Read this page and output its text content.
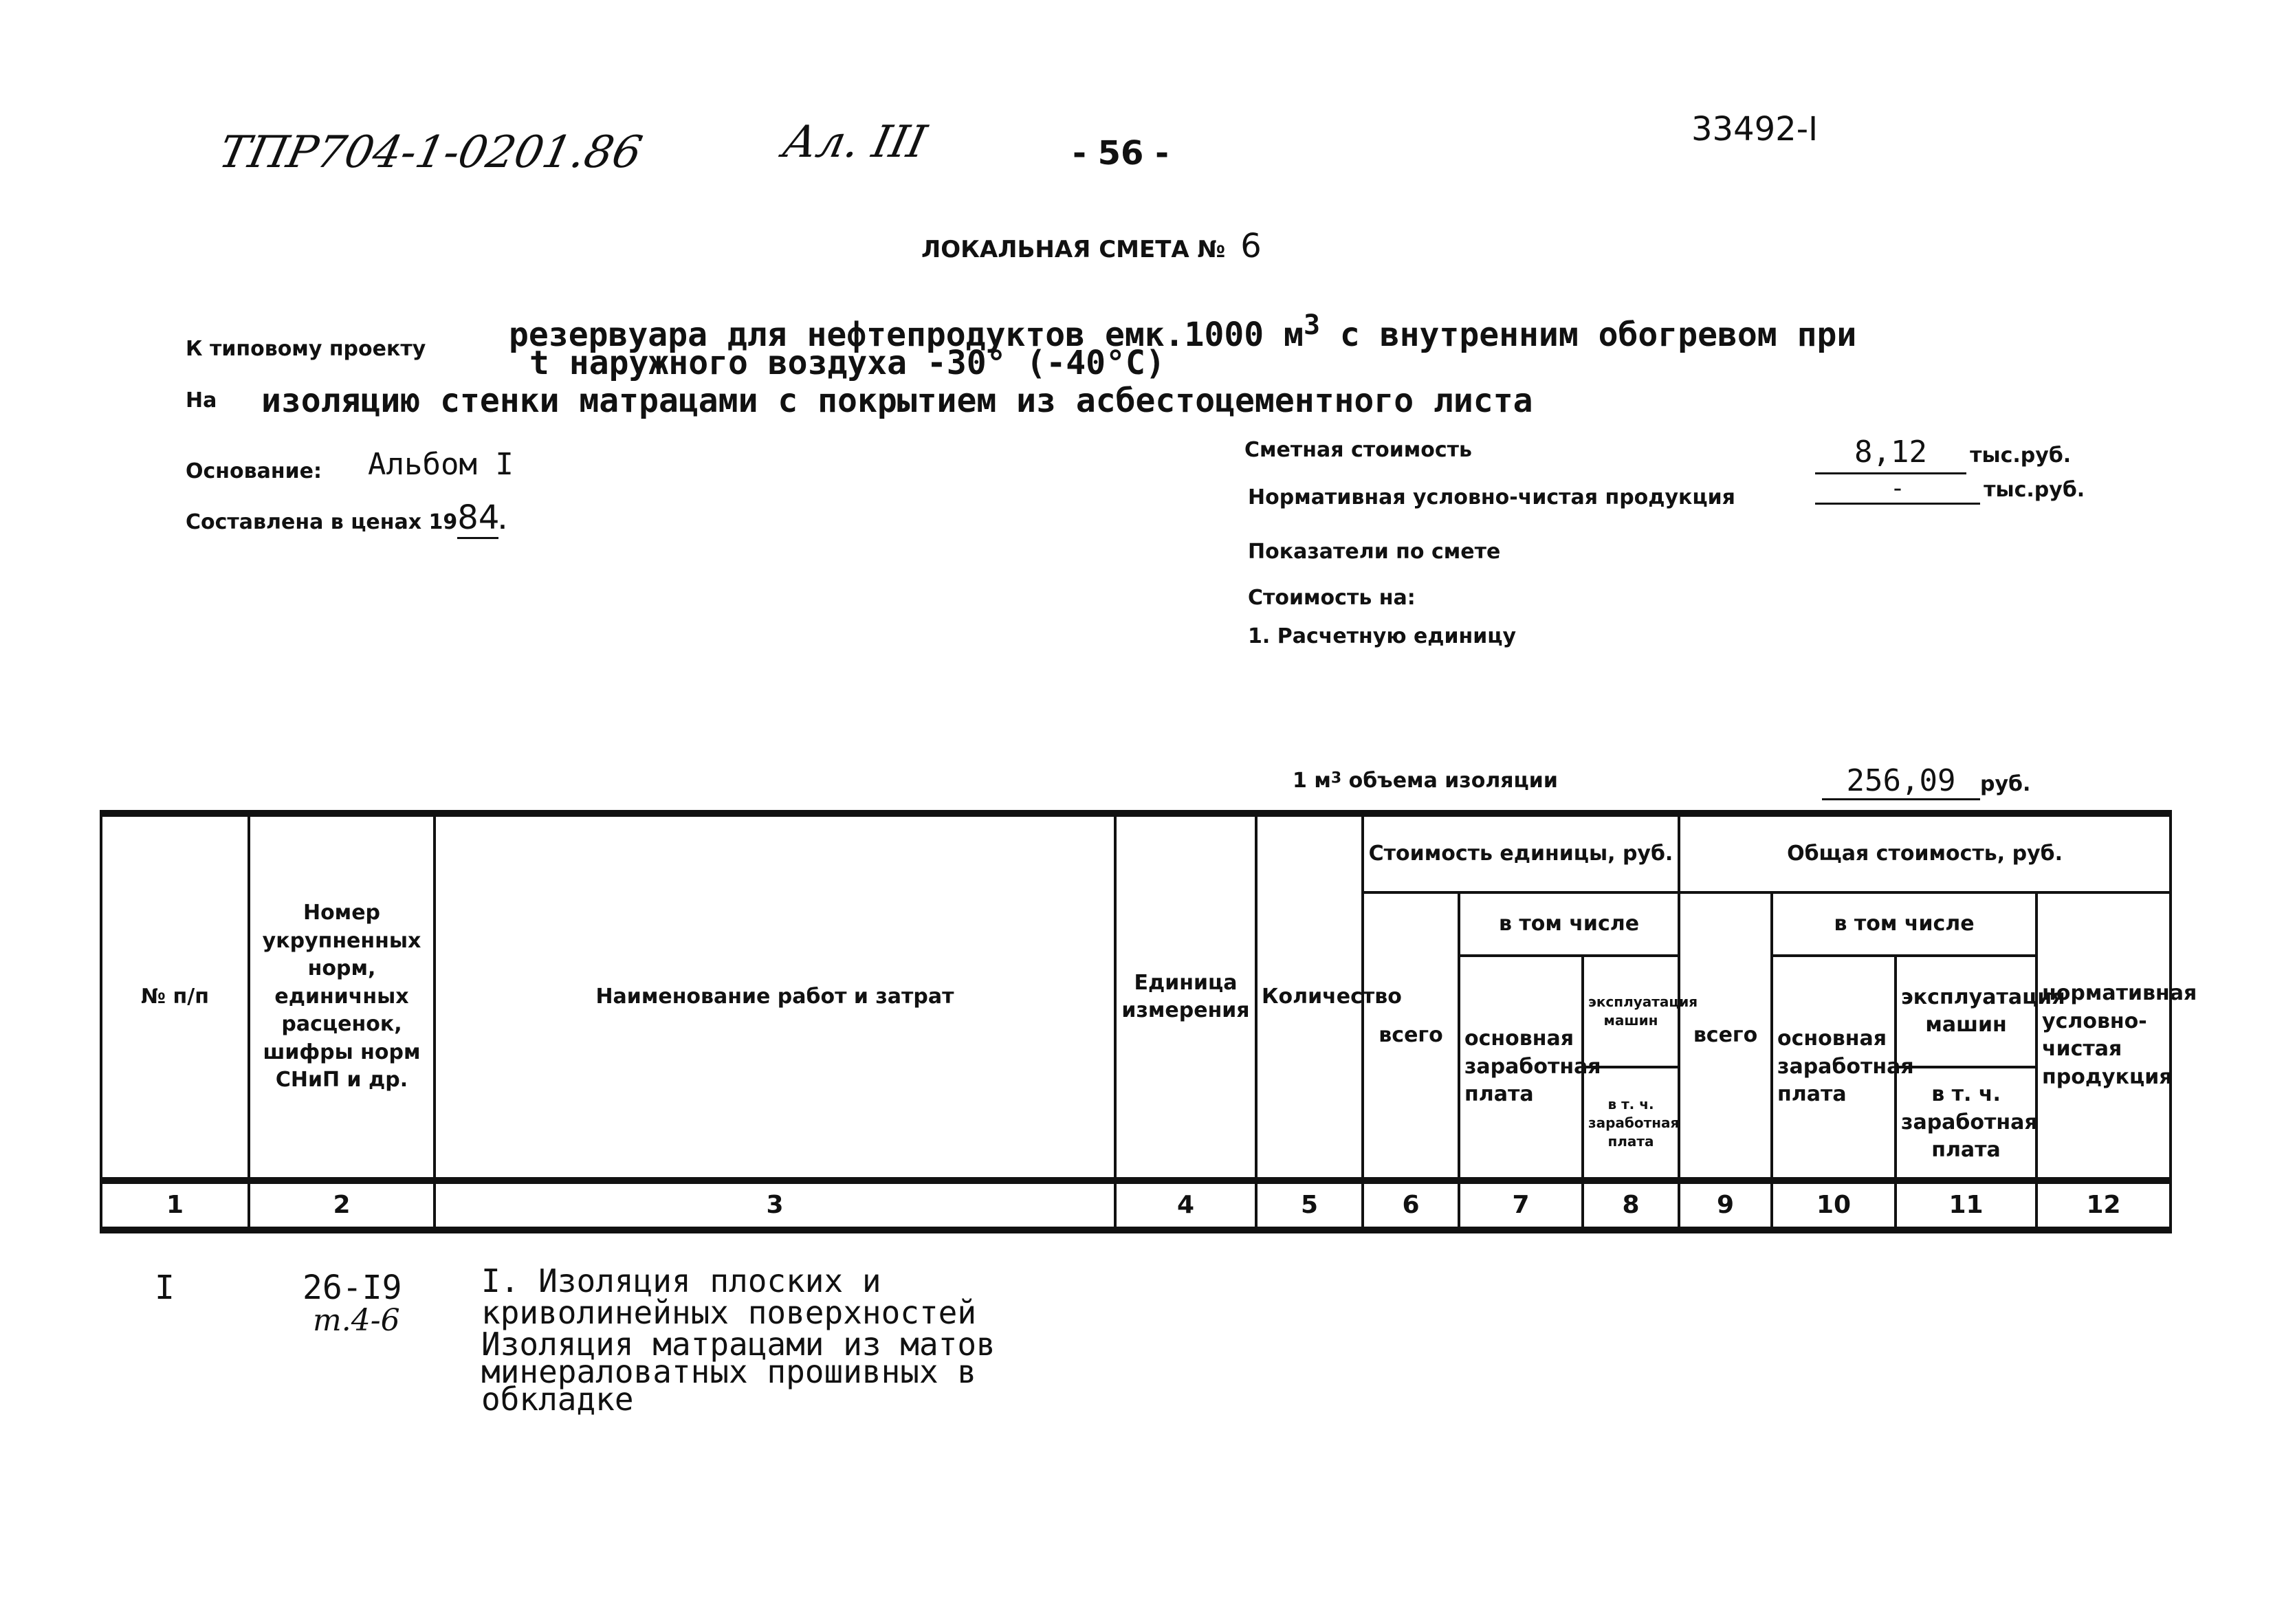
ТПР704-1-0201.86	Ал. III	- 56 -
33492-I
ЛОКАЛЬНАЯ СМЕТА № 6
К типовому проекту	резервуара для нефтепродуктов емк.1000 $м^3$ с внутренним обогревом при
t наружного воздуха -30° (-40°C)
На изоляцию стенки матрацами с покрытием из асбестоцементного листа
Основание: Альбом I
Составлена в ценах 1984.
Сметная стоимость	8,12 тыс.руб.
Нормативная условно-чистая продукция	-	тыс.руб.
Показатели по смете
Стоимость на:
1. Расчетную единицу
1 $м^3$ объема изоляции	256,09 руб.
№ п/п	Номер укрупненных норм, единичных расценок, шифры норм СНиП и др.	Наименование работ и затрат	Единица измерения	Количество	Стоимость единицы, руб.			Общая стоимость, руб.			
					всего	в том числе		всего	в том числе		нормативная условно-чистая продукция
						основная заработная плата	эксплуатация машин		основная заработная плата	эксплуатация машин	
							в т. ч. заработная плата			в т. ч. заработная плата	
1	2	3	4	5	6	7	8	9	10	11	12
I	26-I9
т.4-6
I. Изоляция плоских и криволинейных поверхностей
Изоляция матрацами из матов минераловатных прошивных в обкладке
